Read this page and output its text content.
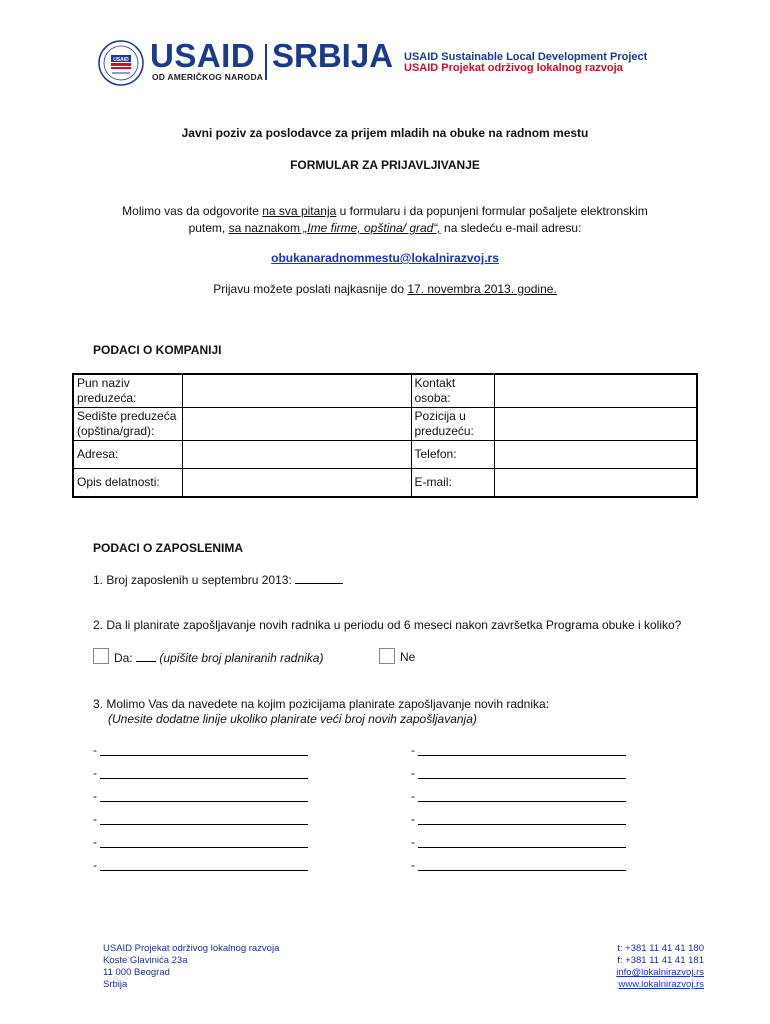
USAID USAID
OD AMERIČKOG NARODA
SRBIJA USAID Sustainable Local Development Project
USAID Projekat održivog lokalnog razvoja
Javni poziv za poslodavce za prijem mladih na obuke na radnom mestu
FORMULAR ZA PRIJAVLJIVANJE
Molimo vas da odgovorite na sva pitanja u formularu i da popunjeni formular pošaljete elektronskim
putem, sa naznakom „Ime firme, opština/ grad“, na sledeću e-mail adresu:
obukanaradnommestu@lokalnirazvoj.rs
Prijavu možete poslati najkasnije do 17. novembra 2013. godine.
PODACI O KOMPANIJI
Pun naziv preduzeća:		Kontakt osoba:	
Sedište preduzeća (opština/grad):		Pozicija u preduzeću:	
Adresa:		Telefon:	
Opis delatnosti:		E-mail:	
PODACI O ZAPOSLENIMA
1. Broj zaposlenih u septembru 2013:
2. Da li planirate zapošljavanje novih radnika u periodu od 6 meseci nakon završetka Programa obuke i koliko?
Da: (upišite broj planiranih radnika)	Ne
3. Molimo Vas da navedete na kojim pozicijama planirate zapošljavanje novih radnika:
(Unesite dodatne linije ukoliko planirate veći broj novih zapošljavanja)
-	-
-	-
-	-
-	-
-	-
-	-
USAID Projekat održivog lokalnog razvoja
Koste Glavinića 23a
11 000 Beograd
Srbija
t: +381 11 41 41 180
f: +381 11 41 41 181
info@lokalnirazvoj.rs
www.lokalnirazvoj.rs
